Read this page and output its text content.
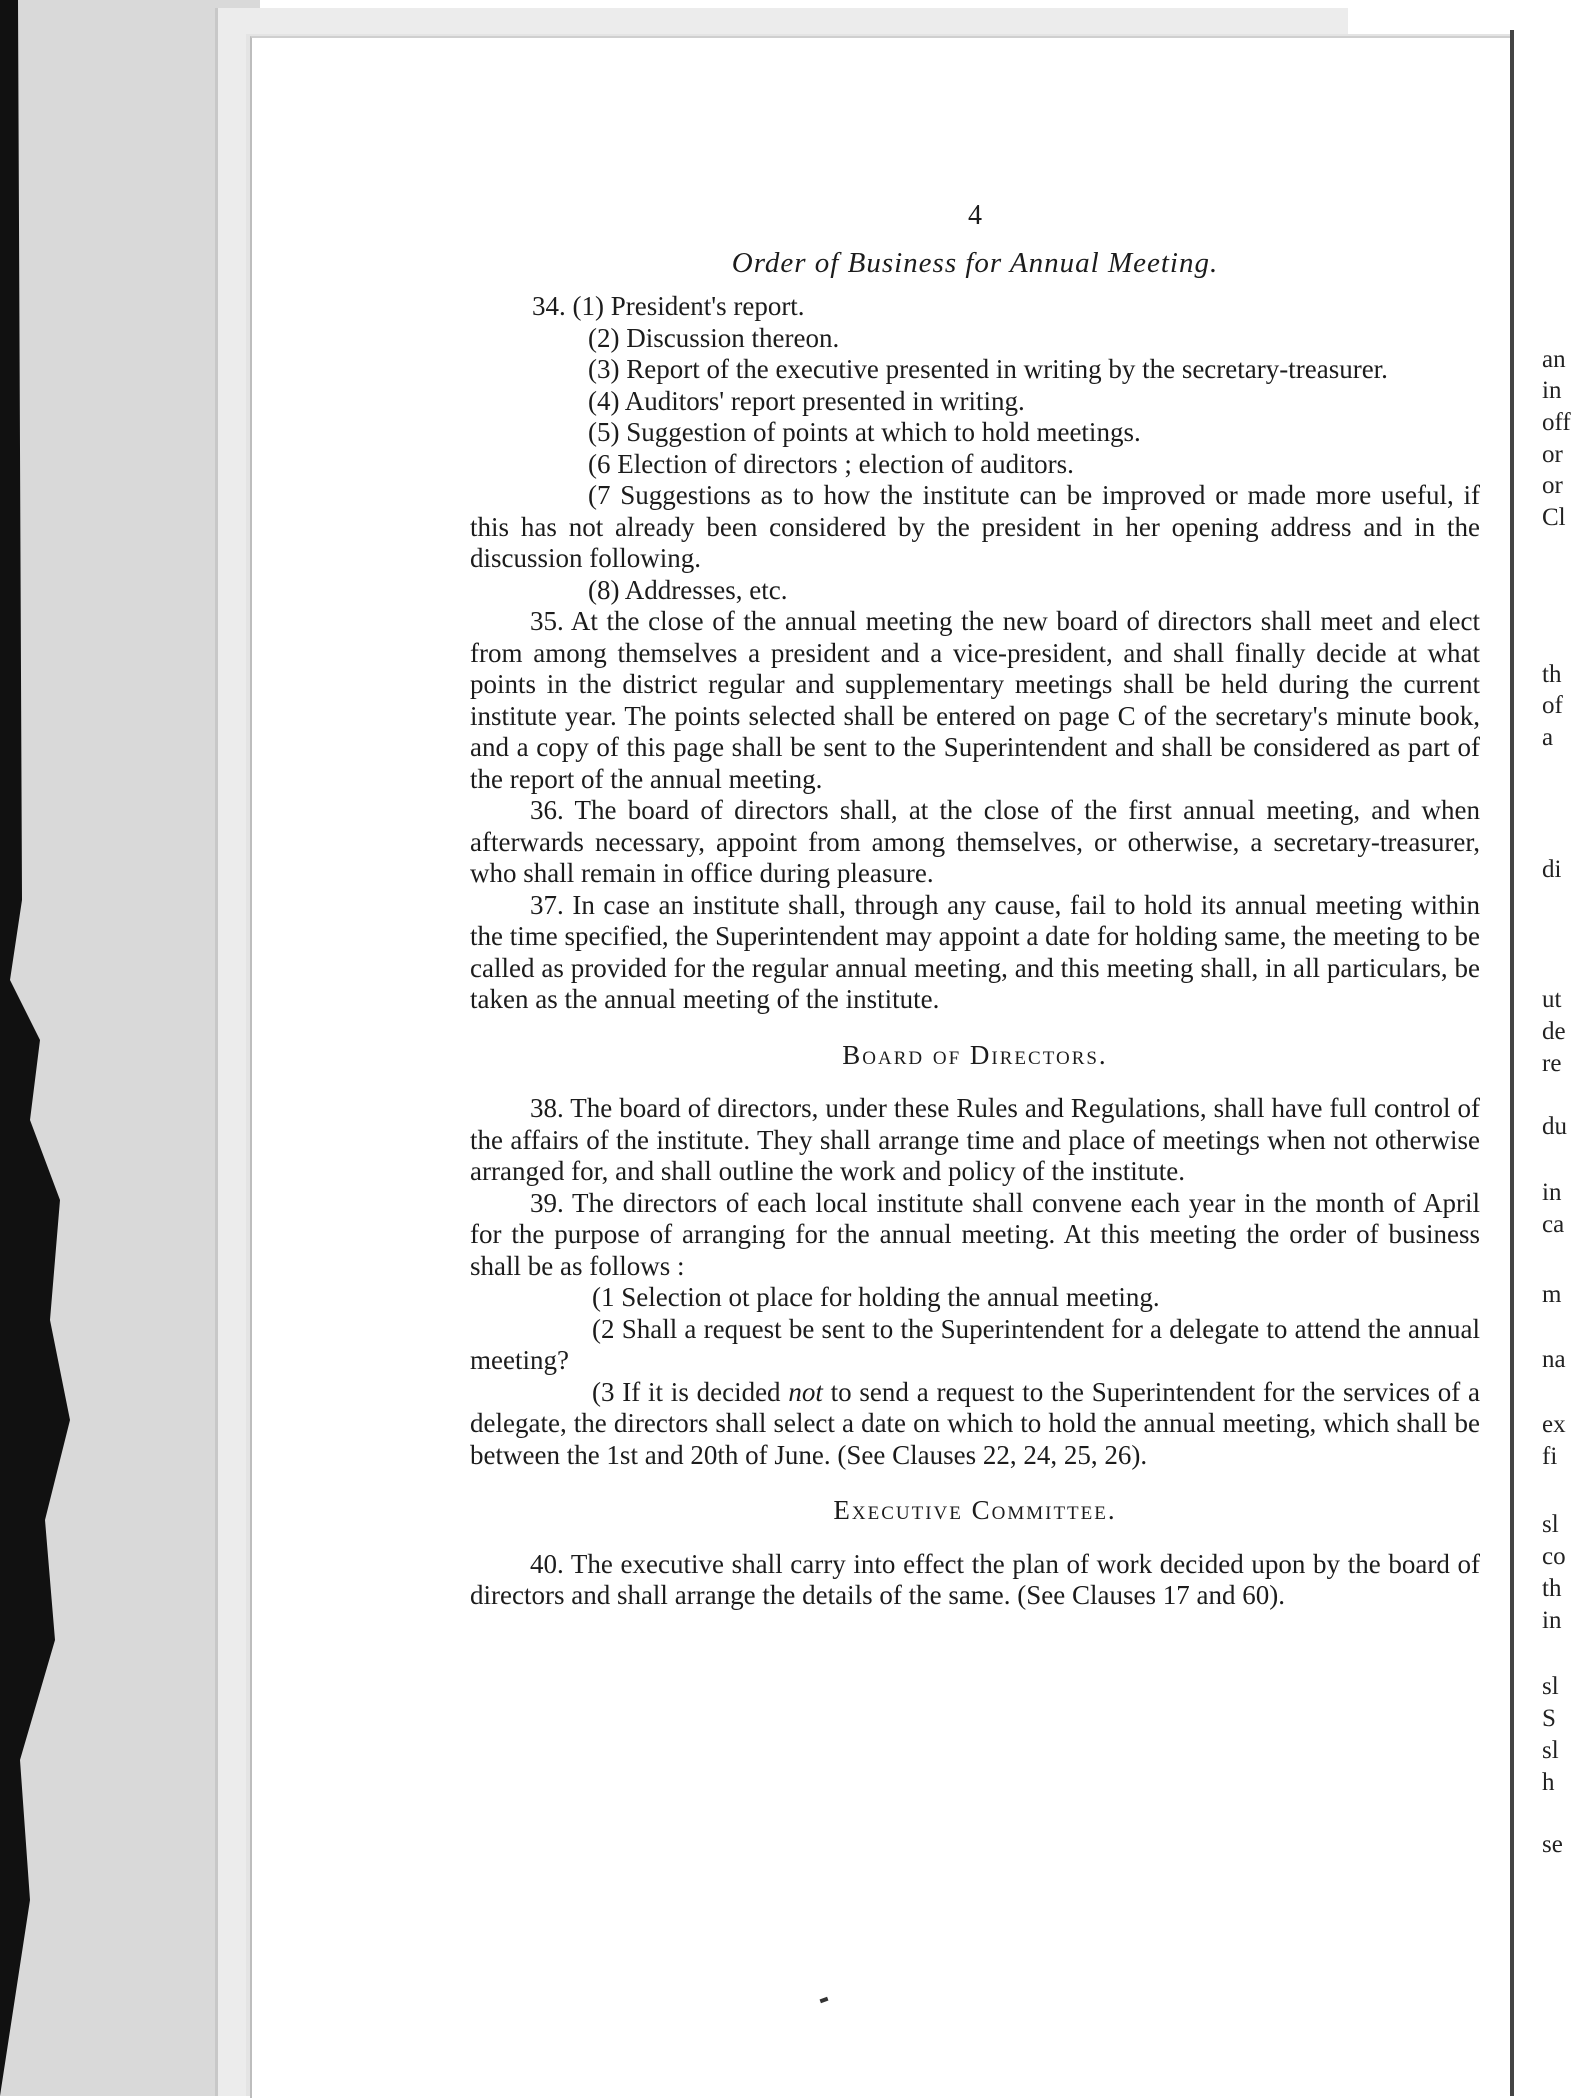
an
in
off
or
or
Cl
th
of
a
di
ut
de
re
du
in
ca
m
na
ex
fi
sl
co
th
in
sl
S
sl
h
se

4

Order of Business for Annual Meeting.

34. (1) President's report.

(2) Discussion thereon.

(3) Report of the executive presented in writing by the secretary-treasurer.

(4) Auditors' report presented in writing.

(5) Suggestion of points at which to hold meetings.

(6 Election of directors ; election of auditors.

(7 Suggestions as to how the institute can be improved or made more useful, if this has not already been considered by the president in her opening address and in the discussion following.

(8) Addresses, etc.

35. At the close of the annual meeting the new board of directors shall meet and elect from among themselves a president and a vice-president, and shall finally decide at what points in the district regular and supplementary meetings shall be held during the current institute year. The points selected shall be entered on page C of the secretary's minute book, and a copy of this page shall be sent to the Superintendent and shall be considered as part of the report of the annual meeting.

36. The board of directors shall, at the close of the first annual meeting, and when afterwards necessary, appoint from among themselves, or otherwise, a secretary-treasurer, who shall remain in office during pleasure.

37. In case an institute shall, through any cause, fail to hold its annual meeting within the time specified, the Superintendent may appoint a date for holding same, the meeting to be called as provided for the regular annual meeting, and this meeting shall, in all particulars, be taken as the annual meeting of the institute.

Board of Directors.

38. The board of directors, under these Rules and Regulations, shall have full control of the affairs of the institute. They shall arrange time and place of meetings when not otherwise arranged for, and shall outline the work and policy of the institute.

39. The directors of each local institute shall convene each year in the month of April for the purpose of arranging for the annual meeting. At this meeting the order of business shall be as follows :

(1 Selection ot place for holding the annual meeting.

(2 Shall a request be sent to the Superintendent for a delegate to attend the annual meeting?

(3 If it is decided not to send a request to the Superintendent for the services of a delegate, the directors shall select a date on which to hold the annual meeting, which shall be between the 1st and 20th of June. (See Clauses 22, 24, 25, 26).

Executive Committee.

40. The executive shall carry into effect the plan of work decided upon by the board of directors and shall arrange the details of the same. (See Clauses 17 and 60).
